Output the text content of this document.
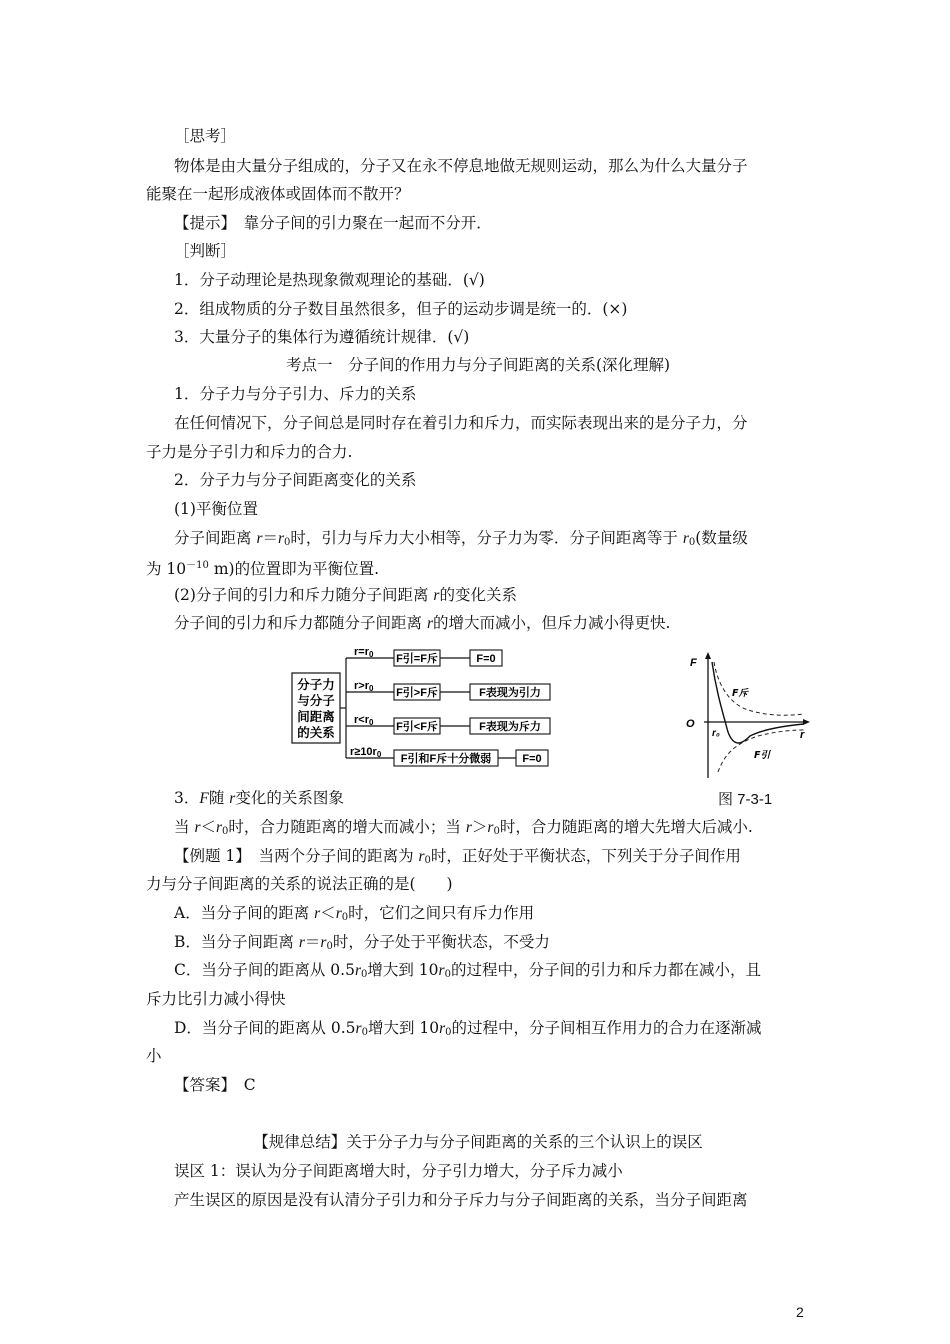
［思考］
物体是由大量分子组成的，分子又在永不停息地做无规则运动，那么为什么大量分子
能聚在一起形成液体或固体而不散开？
【提示】　 靠分子间的引力聚在一起而不分开．
［判断］
1．分子动理论是热现象微观理论的基础．(√)
2．组成物质的分子数目虽然很多，但子的运动步调是统一的．(×)
3．大量分子的集体行为遵循统计规律．(√)
考点一　分子间的作用力与分子间距离的关系(深化理解)
1．分子力与分子引力、斥力的关系
在任何情况下，分子间总是同时存在着引力和斥力，而实际表现出来的是分子力，分
子力是分子引力和斥力的合力.
2．分子力与分子间距离变化的关系
(1)平衡位置
分子间距离 $r=r_0$时，引力与斥力大小相等，分子力为零．分子间距离等于 $r_0$(数量级
为 $10^{-10}$ m)的位置即为平衡位置.
(2)分子间的引力和斥力随分子间距离 r的变化关系
分子间的引力和斥力都随分子间距离 r的增大而减小，但斥力减小得更快.
分子力
与分子
间距离
的关系
r=r0 F引=F斥	F=0
r>r0 F引>F斥	F表现为引力
r<r0 F引<F斥	F表现为斥力
r≥10r0 F引和F斥十分微弱	F=0
F
O
r
r₀
F斥
F引
图 7-3-1
3．F随 r变化的关系图象
当 $r<r_0$时，合力随距离的增大而减小；当 $r>r_0$时，合力随距离的增大先增大后减小.
【例题 1】　 当两个分子间的距离为 $r_0$时，正好处于平衡状态，下列关于分子间作用
力与分子间距离的关系的说法正确的是(　　)
A．当分子间的距离 $r<r_0$时，它们之间只有斥力作用
B．当分子间距离 $r=r_0$时，分子处于平衡状态，不受力
C．当分子间的距离从 $0.5r_0$增大到 $10r_0$的过程中，分子间的引力和斥力都在减小，且
斥力比引力减小得快
D．当分子间的距离从 $0.5r_0$增大到 $10r_0$的过程中，分子间相互作用力的合力在逐渐减
小
【答案】　 C
【规律总结】关于分子力与分子间距离的关系的三个认识上的误区
误区 1：误认为分子间距离增大时，分子引力增大，分子斥力减小
产生误区的原因是没有认清分子引力和分子斥力与分子间距离的关系，当分子间距离
2
